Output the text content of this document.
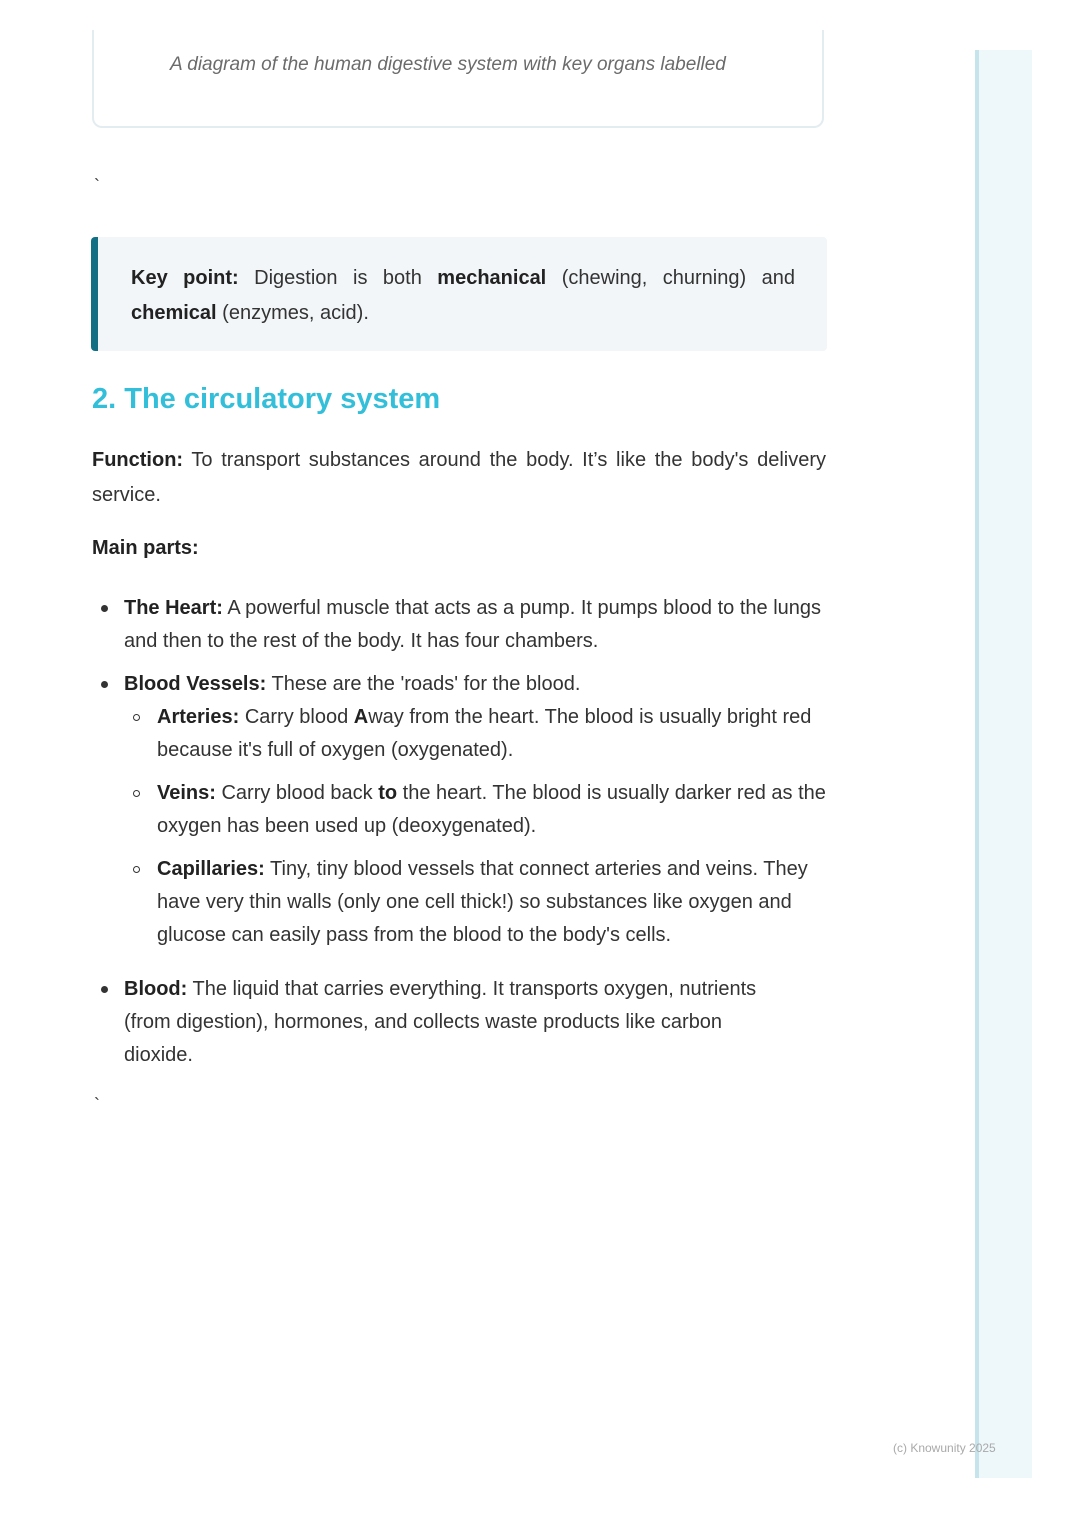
A diagram of the human digestive system with key organs labelled

`

Key point: Digestion is both mechanical (chewing, churning) and chemical (enzymes, acid).

2. The circulatory system

Function: To transport substances around the body. It’s like the body's delivery service.

Main parts:

The Heart: A powerful muscle that acts as a pump. It pumps blood to the lungs and then to the rest of the body. It has four chambers.
Blood Vessels: These are the 'roads' for the blood.
Arteries: Carry blood Away from the heart. The blood is usually bright red because it's full of oxygen (oxygenated).
Veins: Carry blood back to the heart. The blood is usually darker red as the oxygen has been used up (deoxygenated).
Capillaries: Tiny, tiny blood vessels that connect arteries and veins. They have very thin walls (only one cell thick!) so substances like oxygen and glucose can easily pass from the blood to the body's cells.
Blood: The liquid that carries everything. It transports oxygen, nutrients (from digestion), hormones, and collects waste products like carbon dioxide.
`

(c) Knowunity 2025
